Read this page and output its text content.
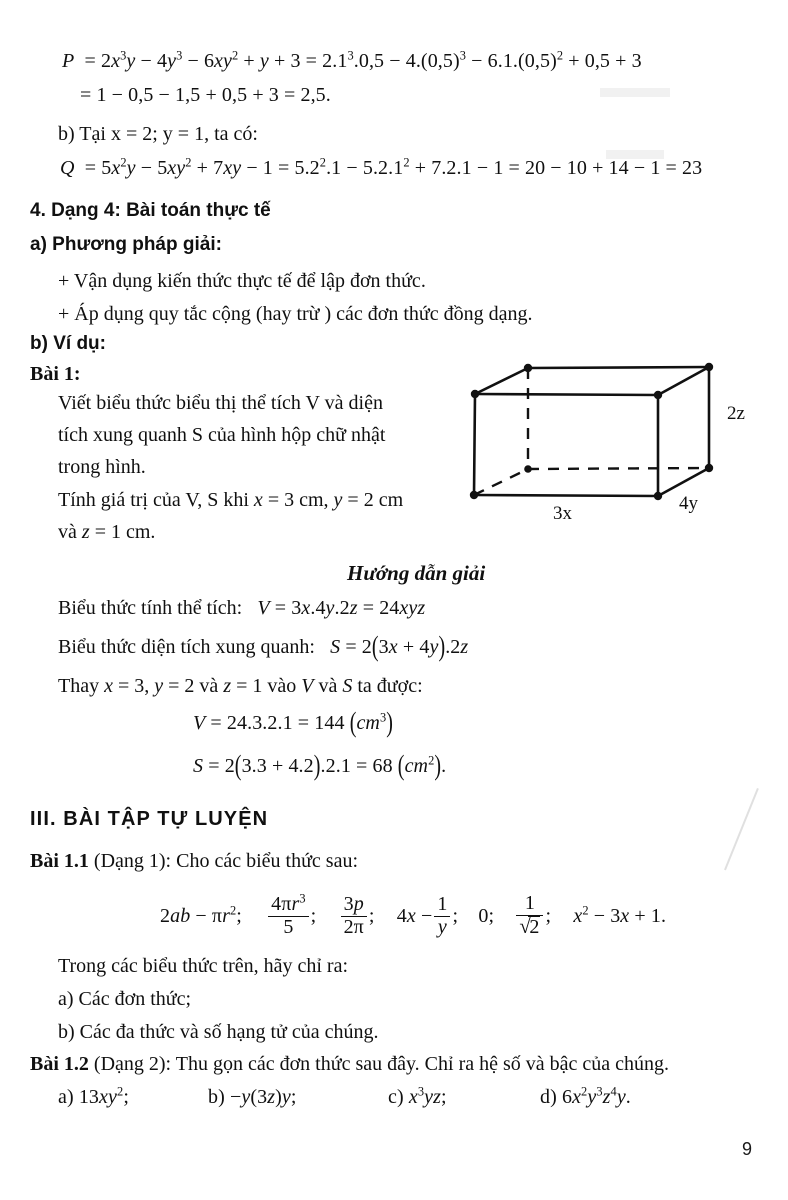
$P = 2x^3y - 4y^3 - 6xy^2 + y + 3 = 2.1^3.0,5 - 4.(0,5)^3 - 6.1.(0,5)^2 + 0,5 + 3$
= 1 − 0,5 − 1,5 + 0,5 + 3 = 2,5.
b) Tại x = 2; y = 1, ta có:
$Q = 5x^2y - 5xy^2 + 7xy - 1 = 5.2^2.1 - 5.2.1^2 + 7.2.1 - 1 = 20 - 10 + 14 - 1 = 23$
4. Dạng 4: Bài toán thực tế
a) Phương pháp giải:
+ Vận dụng kiến thức thực tế để lập đơn thức.
+ Áp dụng quy tắc cộng (hay trừ ) các đơn thức đồng dạng.
b) Ví dụ:
Bài 1:
Viết biểu thức biểu thị thể tích V và diện
tích xung quanh S của hình hộp chữ nhật
trong hình.
Tính giá trị của V, S khi x = 3 cm, y = 2 cm
và z = 1 cm.
2z
3x	4y
Hướng dẫn giải
Biểu thức tính thể tích: V = 3x.4y.2z = 24xyz
Biểu thức diện tích xung quanh: S = 2(3x + 4y).2z
Thay x = 3, y = 2 và z = 1 vào V và S ta được:
V = 24.3.2.1 = 144 $(cm^3)$
S = 2(3.3 + 4.2).2.1 = 68 $(cm^2)$.
III. BÀI TẬP TỰ LUYỆN
Bài 1.1 (Dạng 1): Cho các biểu thức sau:
$2ab - \pi r^2$; $\frac{4\pi r^3}{5}$ ; $\frac{3p}{2\pi}$ ; $4x - \frac{1}{y}$ ; 0; 1
√ 2 ; $x^2 - 3x + 1$.
Trong các biểu thức trên, hãy chỉ ra:
a) Các đơn thức;
b) Các đa thức và số hạng tử của chúng.
Bài 1.2 (Dạng 2): Thu gọn các đơn thức sau đây. Chỉ ra hệ số và bậc của chúng.
a) $13xy^2$;	b) −y(3z)y;	c) $x^3yz$;	d) $6x^2y^3z^4y$.
9
